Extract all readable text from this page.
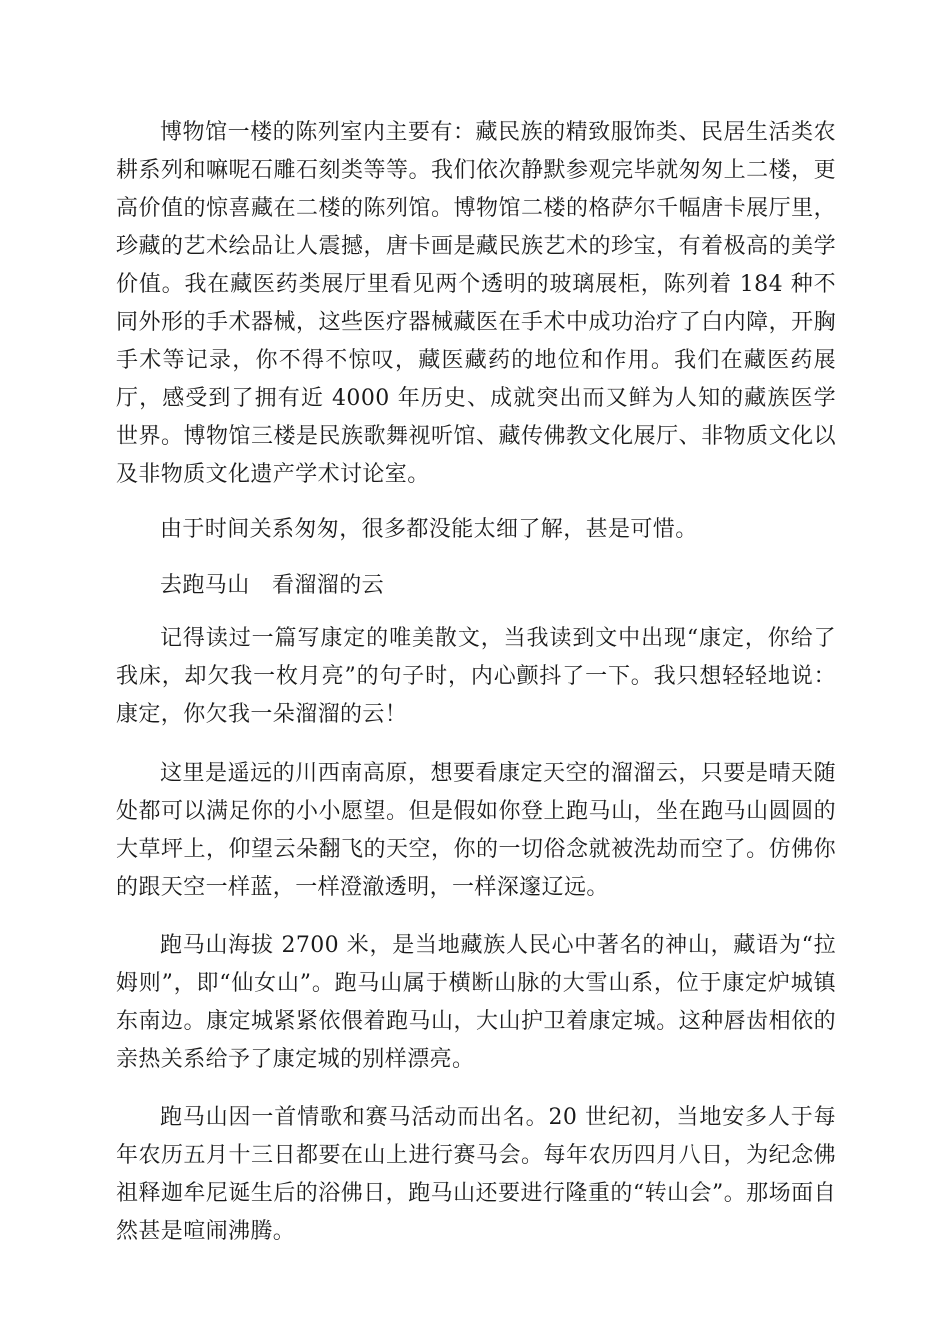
博物馆一楼的陈列室内主要有：藏民族的精致服饰类、民居生活类农耕系列和嘛呢石雕石刻类等等。我们依次静默参观完毕就匆匆上二楼，更高价值的惊喜藏在二楼的陈列馆。博物馆二楼的格萨尔千幅唐卡展厅里，珍藏的艺术绘品让人震撼，唐卡画是藏民族艺术的珍宝，有着极高的美学价值。我在藏医药类展厅里看见两个透明的玻璃展柜，陈列着 184 种不同外形的手术器械，这些医疗器械藏医在手术中成功治疗了白内障，开胸手术等记录，你不得不惊叹，藏医藏药的地位和作用。我们在藏医药展厅，感受到了拥有近 4000 年历史、成就突出而又鲜为人知的藏族医学世界。博物馆三楼是民族歌舞视听馆、藏传佛教文化展厅、非物质文化以及非物质文化遗产学术讨论室。

由于时间关系匆匆，很多都没能太细了解，甚是可惜。

去跑马山　看溜溜的云

记得读过一篇写康定的唯美散文，当我读到文中出现“康定，你给了我床，却欠我一枚月亮”的句子时，内心颤抖了一下。我只想轻轻地说：康定，你欠我一朵溜溜的云！

这里是遥远的川西南高原，想要看康定天空的溜溜云，只要是晴天随处都可以满足你的小小愿望。但是假如你登上跑马山，坐在跑马山圆圆的大草坪上，仰望云朵翻飞的天空，你的一切俗念就被洗劫而空了。仿佛你的跟天空一样蓝，一样澄澈透明，一样深邃辽远。

跑马山海拔 2700 米，是当地藏族人民心中著名的神山，藏语为“拉姆则”，即“仙女山”。跑马山属于横断山脉的大雪山系，位于康定炉城镇东南边。康定城紧紧依偎着跑马山，大山护卫着康定城。这种唇齿相依的亲热关系给予了康定城的别样漂亮。

跑马山因一首情歌和赛马活动而出名。20 世纪初，当地安多人于每年农历五月十三日都要在山上进行赛马会。每年农历四月八日，为纪念佛祖释迦牟尼诞生后的浴佛日，跑马山还要进行隆重的“转山会”。那场面自然甚是喧闹沸腾。
